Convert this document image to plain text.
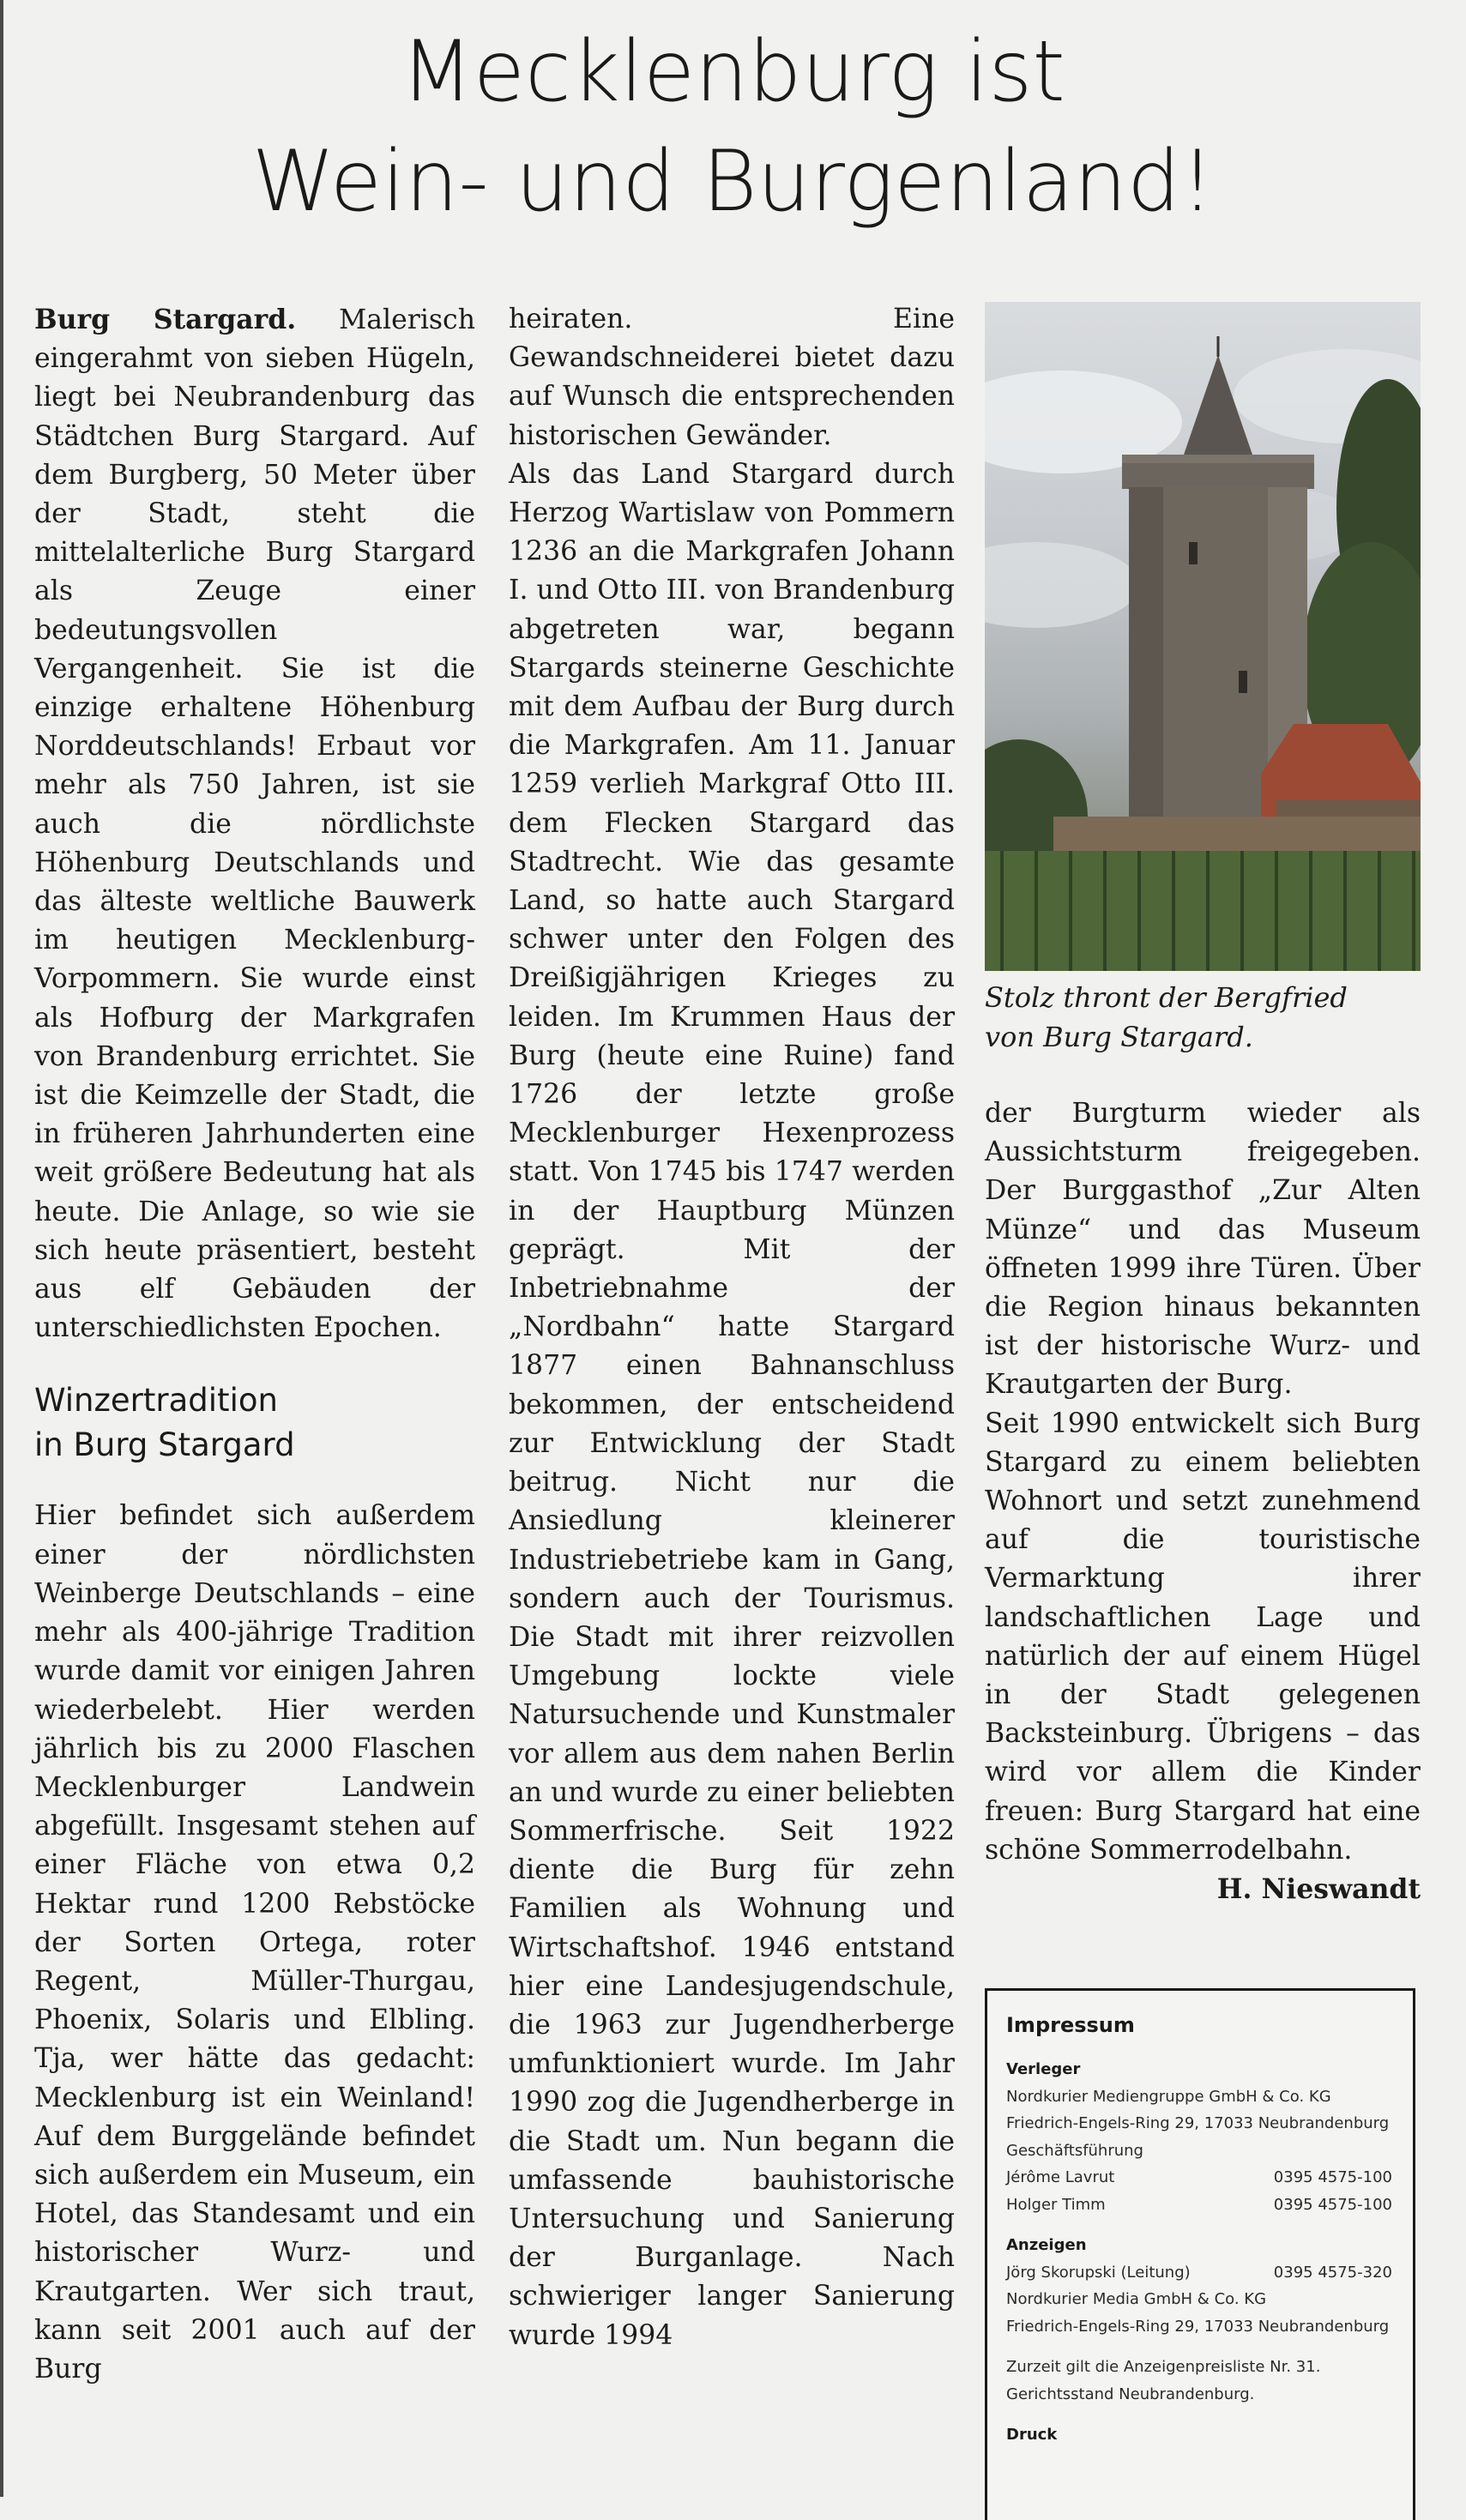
Mecklenburg ist
Wein- und Burgenland!

Burg Stargard. Malerisch eingerahmt von sieben Hügeln, liegt bei Neubrandenburg das Städtchen Burg Stargard. Auf dem Burgberg, 50 Meter über der Stadt, steht die mittelalterliche Burg Stargard als Zeuge einer bedeutungsvollen Vergangenheit. Sie ist die einzige erhaltene Höhenburg Norddeutschlands! Erbaut vor mehr als 750 Jahren, ist sie auch die nördlichste Höhenburg Deutschlands und das älteste weltliche Bauwerk im heutigen Mecklenburg-Vorpommern. Sie wurde einst als Hofburg der Markgrafen von Brandenburg errichtet. Sie ist die Keimzelle der Stadt, die in früheren Jahrhunderten eine weit größere Bedeutung hat als heute. Die Anlage, so wie sie sich heute präsentiert, besteht aus elf Gebäuden der unterschiedlichsten Epochen.

Winzertradition
in Burg Stargard

Hier befindet sich außerdem einer der nördlichsten Weinberge Deutschlands – eine mehr als 400-jährige Tradition wurde damit vor einigen Jahren wiederbelebt. Hier werden jährlich bis zu 2000 Flaschen Mecklenburger Landwein abgefüllt. Insgesamt stehen auf einer Fläche von etwa 0,2 Hektar rund 1200 Rebstöcke der Sorten Ortega, roter Regent, Müller-Thurgau, Phoenix, Solaris und Elbling. Tja, wer hätte das gedacht: Mecklenburg ist ein Weinland! Auf dem Burggelände befindet sich außerdem ein Museum, ein Hotel, das Standesamt und ein historischer Wurz- und Krautgarten. Wer sich traut, kann seit 2001 auch auf der Burg

heiraten. Eine Gewandschneiderei bietet dazu auf Wunsch die entsprechenden historischen Gewänder.

Als das Land Stargard durch Herzog Wartislaw von Pommern 1236 an die Markgrafen Johann I. und Otto III. von Brandenburg abgetreten war, begann Stargards steinerne Geschichte mit dem Aufbau der Burg durch die Markgrafen. Am 11. Januar 1259 verlieh Markgraf Otto III. dem Flecken Stargard das Stadtrecht. Wie das gesamte Land, so hatte auch Stargard schwer unter den Folgen des Dreißigjährigen Krieges zu leiden. Im Krummen Haus der Burg (heute eine Ruine) fand 1726 der letzte große Mecklenburger Hexenprozess statt. Von 1745 bis 1747 werden in der Hauptburg Münzen geprägt. Mit der Inbetriebnahme der „Nordbahn“ hatte Stargard 1877 einen Bahnanschluss bekommen, der entscheidend zur Entwicklung der Stadt beitrug. Nicht nur die Ansiedlung kleinerer Industriebetriebe kam in Gang, sondern auch der Tourismus. Die Stadt mit ihrer reizvollen Umgebung lockte viele Natursuchende und Kunstmaler vor allem aus dem nahen Berlin an und wurde zu einer beliebten Sommerfrische. Seit 1922 diente die Burg für zehn Familien als Wohnung und Wirtschaftshof. 1946 entstand hier eine Landesjugendschule, die 1963 zur Jugendherberge umfunktioniert wurde. Im Jahr 1990 zog die Jugendherberge in die Stadt um. Nun begann die umfassende bauhistorische Untersuchung und Sanierung der Burganlage. Nach schwieriger langer Sanierung wurde 1994

Stolz thront der Bergfried
von Burg Stargard.

der Burgturm wieder als Aussichtsturm freigegeben. Der Burggasthof „Zur Alten Münze“ und das Museum öffneten 1999 ihre Türen. Über die Region hinaus bekannten ist der historische Wurz- und Krautgarten der Burg.

Seit 1990 entwickelt sich Burg Stargard zu einem beliebten Wohnort und setzt zunehmend auf die touristische Vermarktung ihrer landschaftlichen Lage und natürlich der auf einem Hügel in der Stadt gelegenen Backsteinburg. Übrigens – das wird vor allem die Kinder freuen: Burg Stargard hat eine schöne Sommerrodelbahn.
H. Nieswandt

Impressum
Verleger
Nordkurier Mediengruppe GmbH & Co. KG
Friedrich-Engels-Ring 29, 17033 Neubrandenburg
Geschäftsführung
Jérôme Lavrut	0395 4575-100
Holger Timm	0395 4575-100
Anzeigen
Jörg Skorupski (Leitung)	0395 4575-320
Nordkurier Media GmbH & Co. KG
Friedrich-Engels-Ring 29, 17033 Neubrandenburg
Zurzeit gilt die Anzeigenpreisliste Nr. 31.
Gerichtsstand Neubrandenburg.
Druck
